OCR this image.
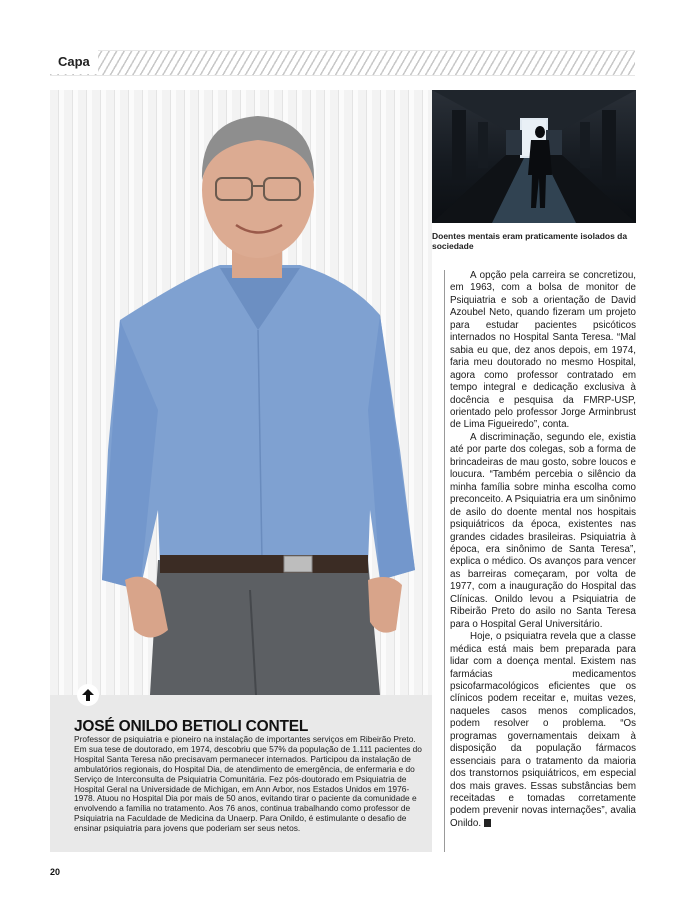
Capa
Doentes mentais eram praticamente isolados da sociedade
JOSÉ ONILDO BETIOLI CONTEL
Professor de psiquiatria e pioneiro na instalação de importantes serviços em Ribeirão Preto. Em sua tese de doutorado, em 1974, descobriu que 57% da população de 1.111 pacientes do Hospital Santa Teresa não precisavam permanecer internados. Participou da instalação de ambulatórios regionais, do Hospital Dia, de atendimento de emergência, de enfermaria e do Serviço de Interconsulta de Psiquiatria Comunitária. Fez pós-doutorado em Psiquiatria de Hospital Geral na Universidade de Michigan, em Ann Arbor, nos Estados Unidos em 1976-1978. Atuou no Hospital Dia por mais de 50 anos, evitando tirar o paciente da comunidade e envolvendo a família no tratamento. Aos 76 anos, continua trabalhando como professor de Psiquiatria na Faculdade de Medicina da Unaerp. Para Onildo, é estimulante o desafio de ensinar psiquiatria para jovens que poderiam ser seus netos.

A opção pela carreira se concretizou, em 1963, com a bolsa de monitor de Psiquiatria e sob a orientação de David Azoubel Neto, quando fizeram um projeto para estudar pacientes psicóticos internados no Hospital Santa Teresa. “Mal sabia eu que, dez anos depois, em 1974, faria meu doutorado no mesmo Hospital, agora como professor contratado em tempo integral e dedicação exclusiva à docência e pesquisa da FMRP-USP, orientado pelo professor Jorge Arminbrust de Lima Figueiredo”, conta.

A discriminação, segundo ele, existia até por parte dos colegas, sob a forma de brincadeiras de mau gosto, sobre loucos e loucura. “Também percebia o silêncio da minha família sobre minha escolha como preconceito. A Psiquiatria era um sinônimo de asilo do doente mental nos hospitais psiquiátricos da época, existentes nas grandes cidades brasileiras. Psiquiatria à época, era sinônimo de Santa Teresa”, explica o médico. Os avanços para vencer as barreiras começaram, por volta de 1977, com a inauguração do Hospital das Clínicas. Onildo levou a Psiquiatria de Ribeirão Preto do asilo no Santa Teresa para o Hospital Geral Universitário.

Hoje, o psiquiatra revela que a classe médica está mais bem preparada para lidar com a doença mental. Existem nas farmácias medicamentos psicofarmacológicos eficientes que os clínicos podem receitar e, muitas vezes, naqueles casos menos complicados, podem resolver o problema. “Os programas governamentais deixam à disposição da população fármacos essenciais para o tratamento da maioria dos transtornos psiquiátricos, em especial dos mais graves. Essas substâncias bem receitadas e tomadas corretamente podem prevenir novas internações”, avalia Onildo.

20
